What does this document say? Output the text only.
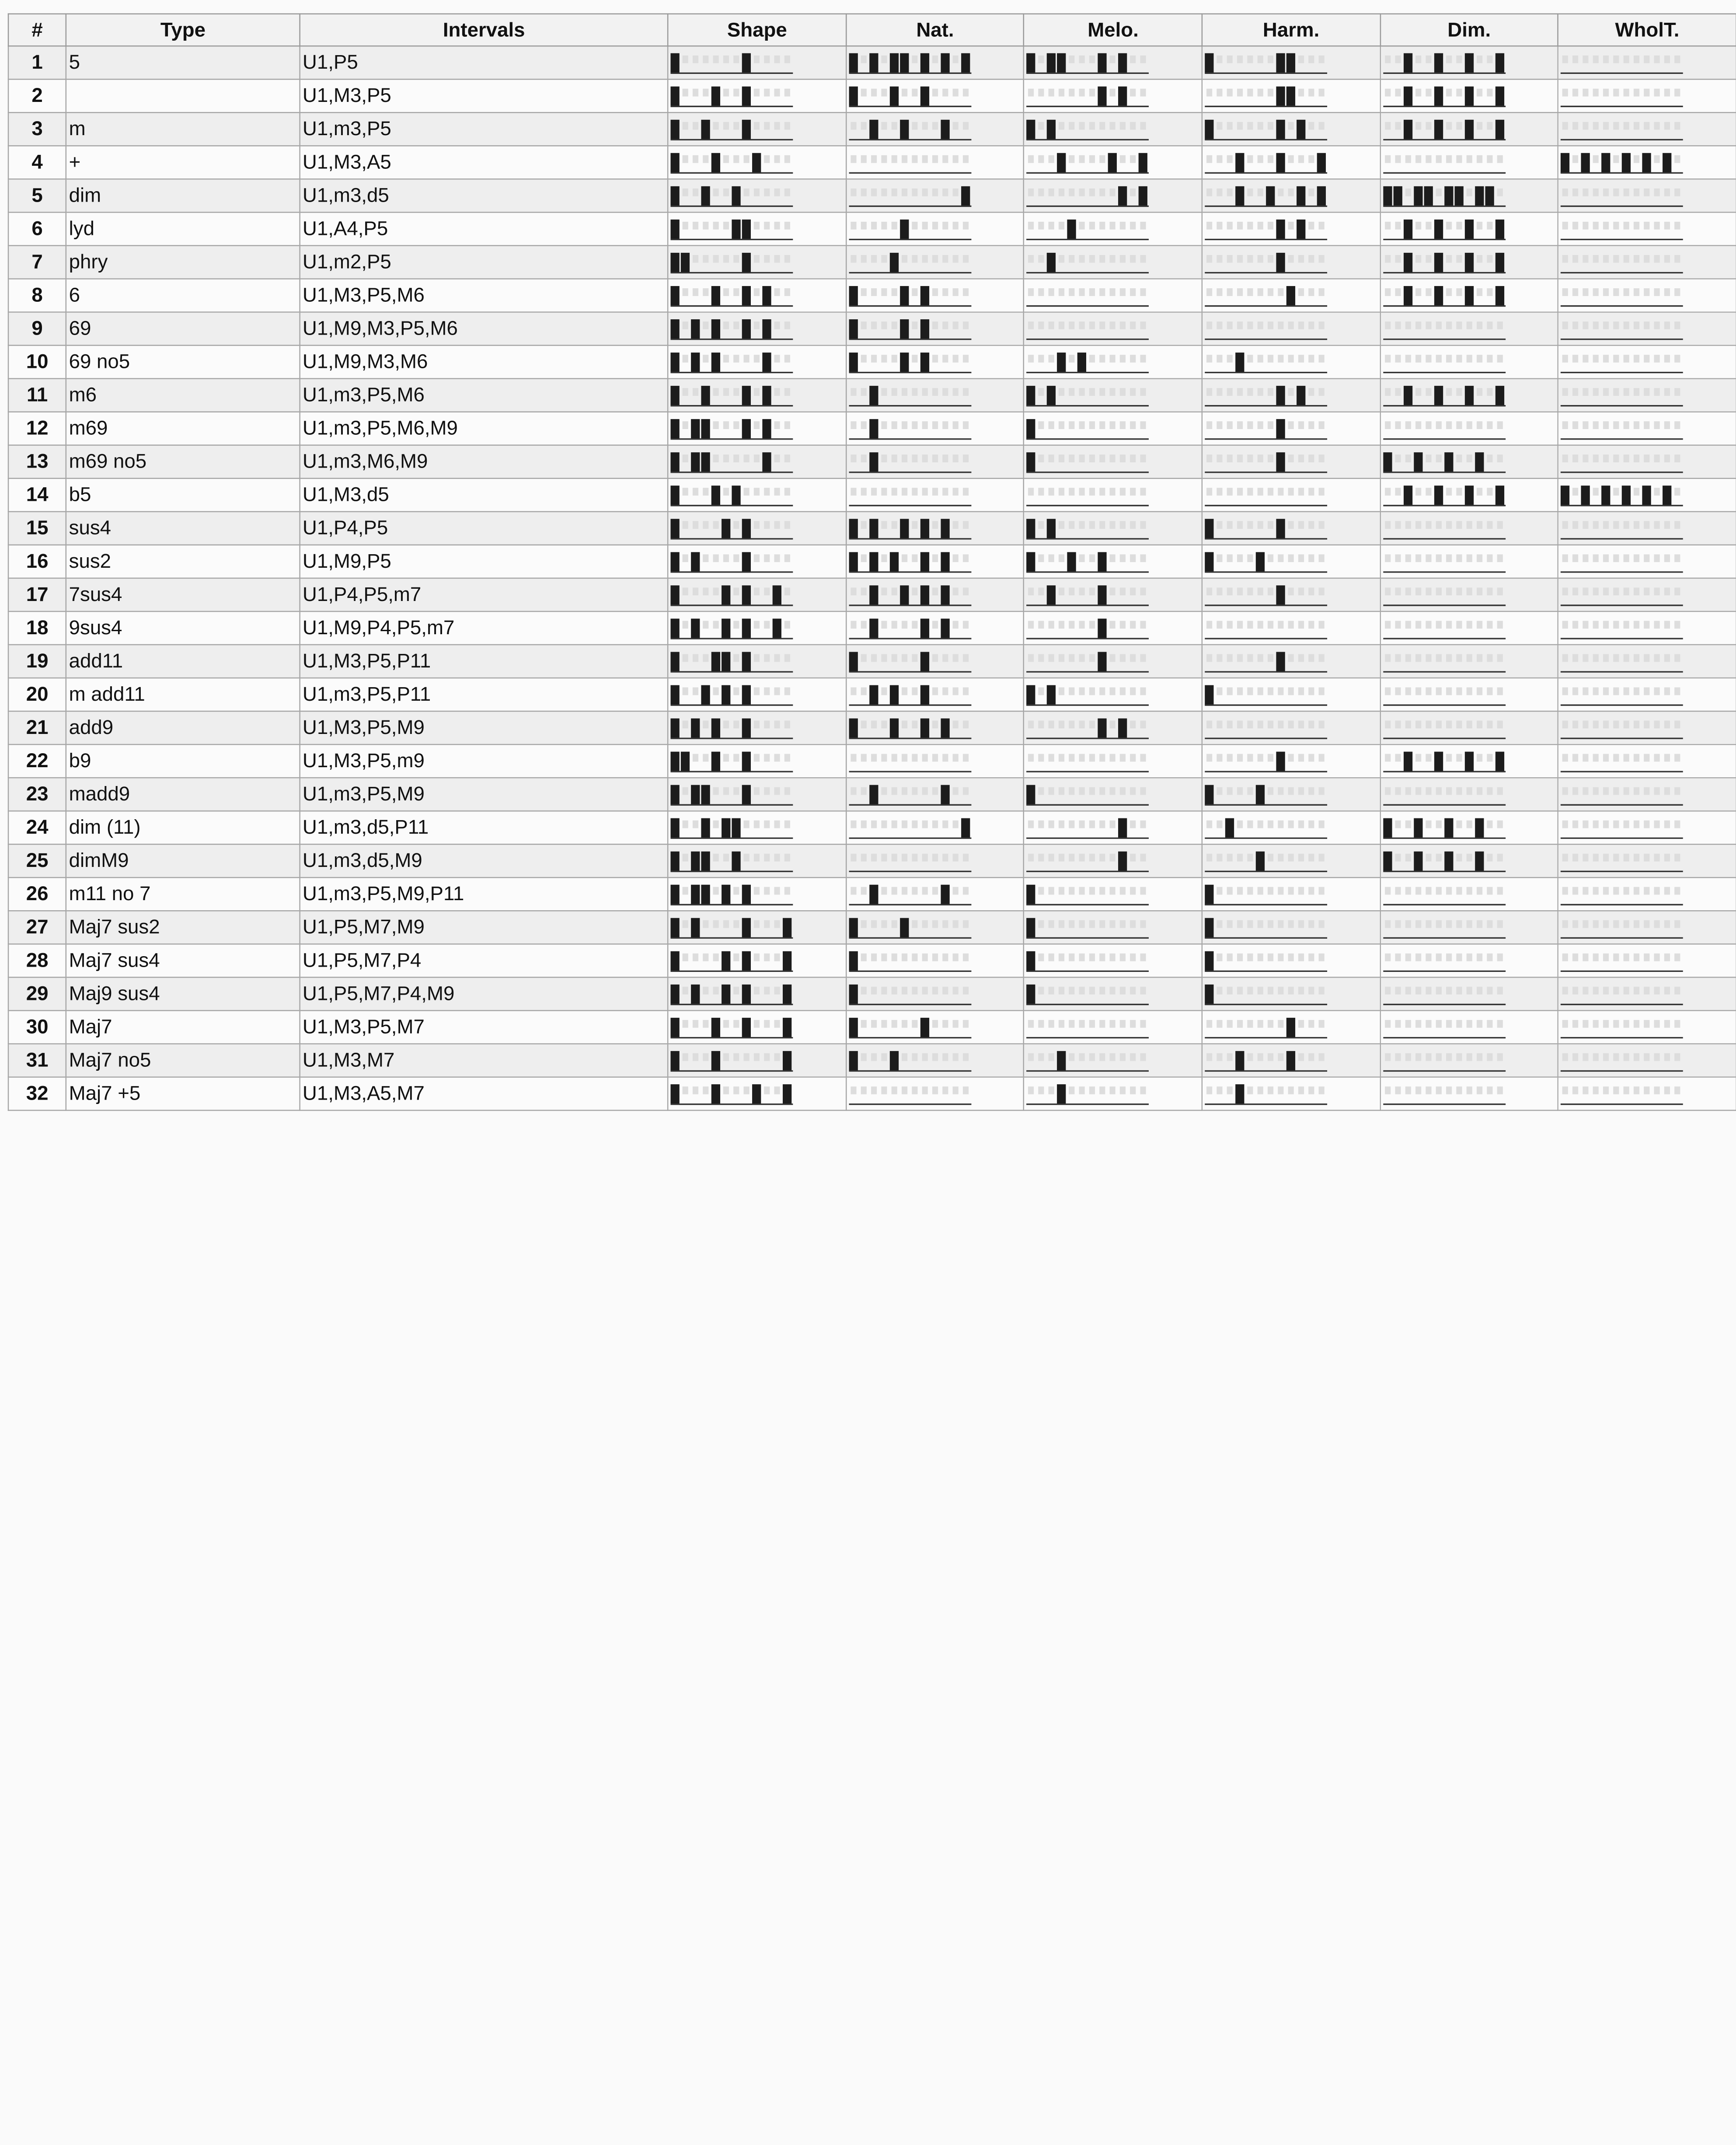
#	Type	Intervals	Shape	Nat.	Melo.	Harm.	Dim.	WholT.
1	5	U1,P5	

2		U1,M3,P5	

3	m	U1,m3,P5	

4	+	U1,M3,A5	

5	dim	U1,m3,d5	

6	lyd	U1,A4,P5	

7	phry	U1,m2,P5	

8	6	U1,M3,P5,M6	

9	69	U1,M9,M3,P5,M6	

10	69 no5	U1,M9,M3,M6	

11	m6	U1,m3,P5,M6	

12	m69	U1,m3,P5,M6,M9	

13	m69 no5	U1,m3,M6,M9	

14	b5	U1,M3,d5	

15	sus4	U1,P4,P5	

16	sus2	U1,M9,P5	

17	7sus4	U1,P4,P5,m7	

18	9sus4	U1,M9,P4,P5,m7	

19	add11	U1,M3,P5,P11	

20	m add11	U1,m3,P5,P11	

21	add9	U1,M3,P5,M9	

22	b9	U1,M3,P5,m9	

23	madd9	U1,m3,P5,M9	

24	dim (11)	U1,m3,d5,P11	

25	dimM9	U1,m3,d5,M9	

26	m11 no 7	U1,m3,P5,M9,P11	

27	Maj7 sus2	U1,P5,M7,M9	

28	Maj7 sus4	U1,P5,M7,P4	

29	Maj9 sus4	U1,P5,M7,P4,M9	

30	Maj7	U1,M3,P5,M7	

31	Maj7 no5	U1,M3,M7	

32	Maj7 +5	U1,M3,A5,M7	
